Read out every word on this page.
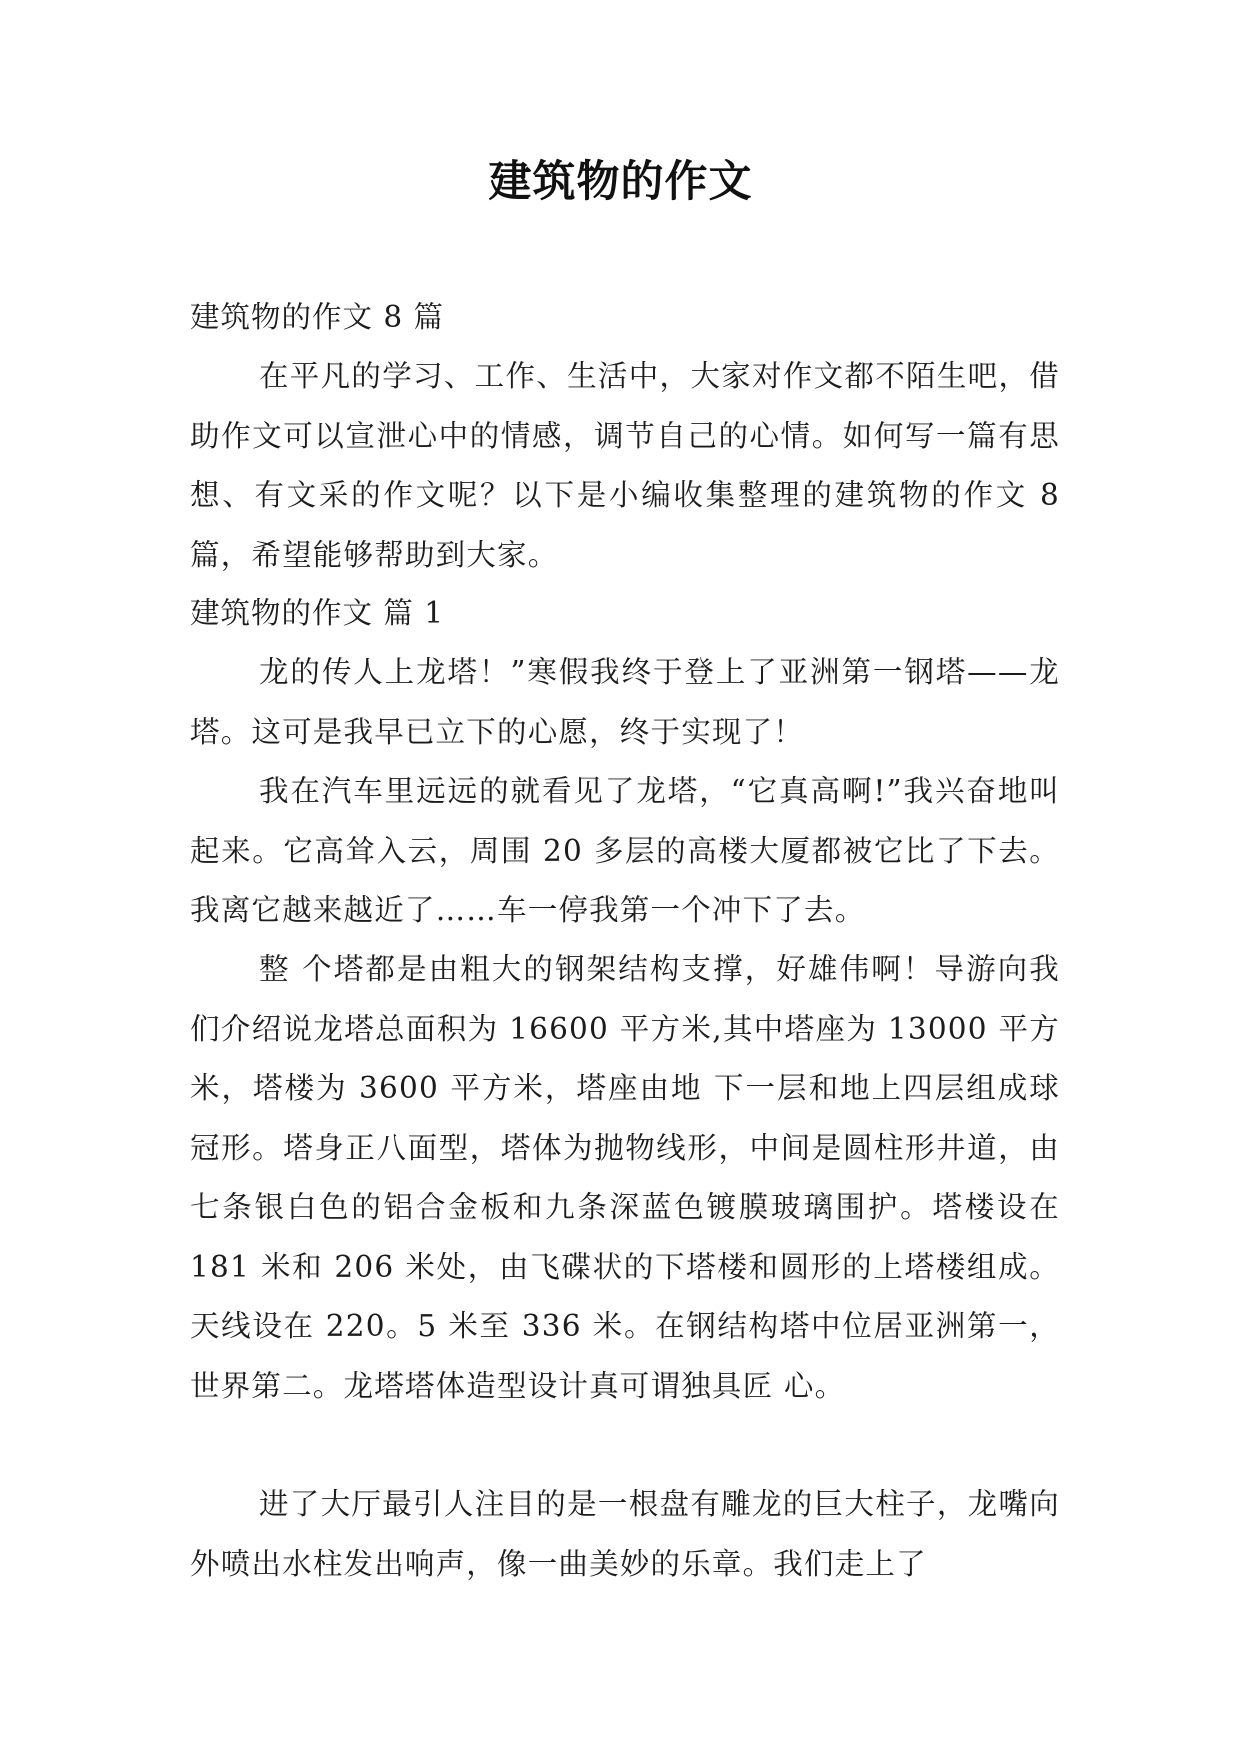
建筑物的作文

建筑物的作文 8 篇

在平凡的学习、工作、生活中，大家对作文都不陌生吧，借助作文可以宣泄心中的情感，调节自己的心情。如何写一篇有思想、有文采的作文呢？以下是小编收集整理的建筑物的作文 8 篇，希望能够帮助到大家。

建筑物的作文 篇 1

龙的传人上龙塔！”寒假我终于登上了亚洲第一钢塔——龙塔。这可是我早已立下的心愿，终于实现了！

我在汽车里远远的就看见了龙塔，“它真高啊!”我兴奋地叫起来。它高耸入云，周围 20 多层的高楼大厦都被它比了下去。我离它越来越近了……车一停我第一个冲下了去。

整 个塔都是由粗大的钢架结构支撑，好雄伟啊！导游向我们介绍说龙塔总面积为 16600 平方米,其中塔座为 13000 平方米，塔楼为 3600 平方米，塔座由地 下一层和地上四层组成球冠形。塔身正八面型，塔体为抛物线形，中间是圆柱形井道，由七条银白色的铝合金板和九条深蓝色镀膜玻璃围护。塔楼设在 181 米和 206 米处，由飞碟状的下塔楼和圆形的上塔楼组成。天线设在 220。5 米至 336 米。在钢结构塔中位居亚洲第一，世界第二。龙塔塔体造型设计真可谓独具匠 心。

进了大厅最引人注目的是一根盘有雕龙的巨大柱子，龙嘴向外喷出水柱发出响声，像一曲美妙的乐章。我们走上了
